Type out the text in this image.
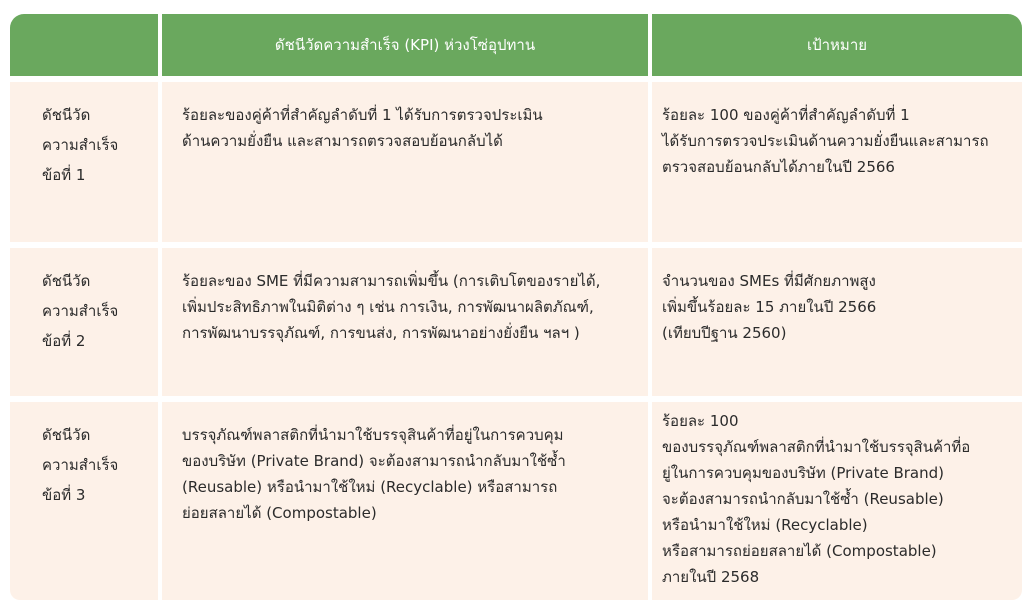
ดัชนีวัดความสำเร็จ (KPI) ห่วงโซ่อุปทาน	เป้าหมาย
ดัชนีวัด
ความสำเร็จ
ข้อที่ 1
ร้อยละของคู่ค้าที่สำคัญลำดับที่ 1 ได้รับการตรวจประเมิน
ด้านความยั่งยืน และสามารถตรวจสอบย้อนกลับได้
ร้อยละ 100 ของคู่ค้าที่สำคัญลำดับที่ 1
ได้รับการตรวจประเมินด้านความยั่งยืนและสามารถ
ตรวจสอบย้อนกลับได้ภายในปี 2566
ดัชนีวัด
ความสำเร็จ
ข้อที่ 2
ร้อยละของ SME ที่มีความสามารถเพิ่มขึ้น (การเติบโตของรายได้,
เพิ่มประสิทธิภาพในมิติต่าง ๆ เช่น การเงิน, การพัฒนาผลิตภัณฑ์,
การพัฒนาบรรจุภัณฑ์, การขนส่ง, การพัฒนาอย่างยั่งยืน ฯลฯ )
จำนวนของ SMEs ที่มีศักยภาพสูง
เพิ่มขึ้นร้อยละ 15 ภายในปี 2566
(เทียบปีฐาน 2560)
ดัชนีวัด
ความสำเร็จ
ข้อที่ 3
บรรจุภัณฑ์พลาสติกที่นำมาใช้บรรจุสินค้าที่อยู่ในการควบคุม
ของบริษัท (Private Brand) จะต้องสามารถนำกลับมาใช้ซ้ำ
(Reusable) หรือนำมาใช้ใหม่ (Recyclable) หรือสามารถ
ย่อยสลายได้ (Compostable)
ร้อยละ 100
ของบรรจุภัณฑ์พลาสติกที่นำมาใช้บรรจุสินค้าที่อ
ยู่ในการควบคุมของบริษัท (Private Brand)
จะต้องสามารถนำกลับมาใช้ซ้ำ (Reusable)
หรือนำมาใช้ใหม่ (Recyclable)
หรือสามารถย่อยสลายได้ (Compostable)
ภายในปี 2568
